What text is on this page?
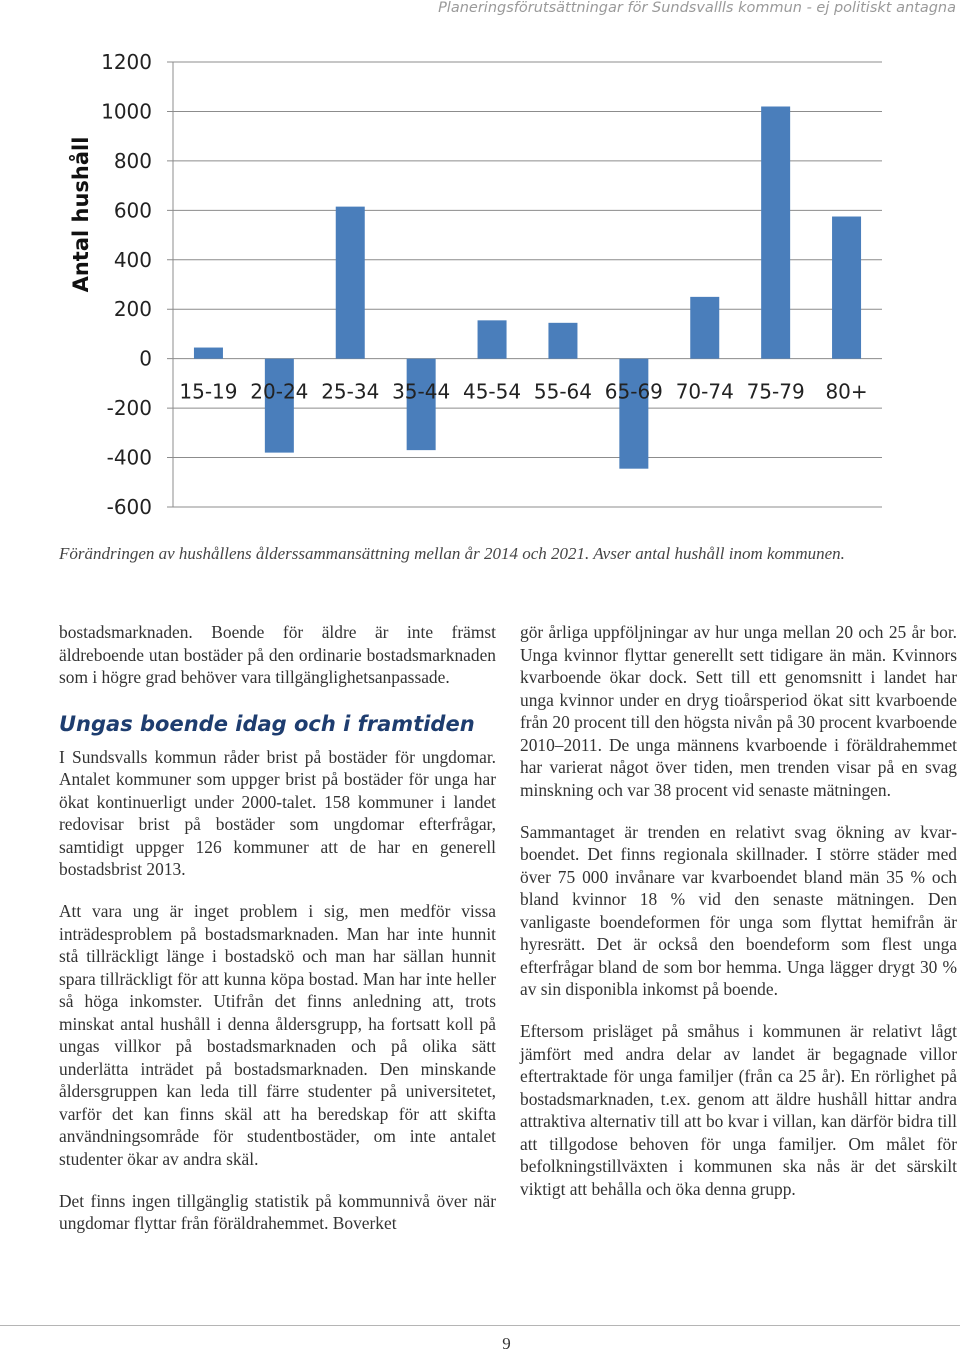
Planeringsförutsättningar för Sundsvallls kommun - ej politiskt antagna
1200
1000
800
600
400
200
0
-200
-400
-600
Antal hushåll
15-19 20-24 25-34 35-44 45-54 55-64 65-69 70-74 75-79 80+
Förändringen av hushållens ålderssammansättning mellan år 2014 och 2021. Avser antal hushåll inom kommunen.

bostadsmarknaden. Boende för äldre är inte främst äldreboende utan bostäder på den ordinarie bostadsmarknaden som i högre grad behöver vara tillgänglighetsanpassade.

Ungas boende idag och i framtiden

I Sundsvalls kommun råder brist på bostäder för ungdomar. Antalet kommuner som uppger brist på bostäder för unga har ökat kontinuerligt under 2000-talet. 158 kommuner i landet redovisar brist på bostäder som ungdomar efterfrågar, samtidigt uppger 126 kommuner att de har en generell bostadsbrist 2013.

Att vara ung är inget problem i sig, men medför vissa inträdesproblem på bostadsmarknaden. Man har inte hunnit stå tillräckligt länge i bostadskö och man har sällan hunnit spara tillräckligt för att kunna köpa bostad. Man har inte heller så höga inkomster. Utifrån det finns anledning att, trots minskat antal hushåll i denna åldersgrupp, ha fortsatt koll på ungas villkor på bostadsmarknaden och på olika sätt underlätta inträdet på bostadsmarknaden. Den minskande åldersgruppen kan leda till färre studenter på universitetet, varför det kan finns skäl att ha beredskap för att skifta användningsområde för studentbostäder, om inte antalet studenter ökar av andra skäl.

Det finns ingen tillgänglig statistik på kommunnivå över när ungdomar flyttar från föräldrahemmet. Boverket

gör årliga uppföljningar av hur unga mellan 20 och 25 år bor. Unga kvinnor flyttar generellt sett tidigare än män. Kvinnors kvarboende ökar dock. Sett till ett genomsnitt i landet har unga kvinnor under en dryg tioårsperiod ökat sitt kvarboende från 20 procent till den högsta nivån på 30 procent kvarboende 2010–2011. De unga männens kvarboende i föräldrahemmet har varierat något över tiden, men trenden visar på en svag minskning och var 38 procent vid senaste mätningen.

Sammantaget är trenden en relativt svag ökning av kvarboendet. Det finns regionala skillnader. I större städer med över 75 000 invånare var kvarboendet bland män 35 % och bland kvinnor 18 % vid den senaste mätningen. Den vanligaste boendeformen för unga som flyttat hemifrån är hyresrätt. Det är också den boendeform som flest unga efterfrågar bland de som bor hemma. Unga lägger drygt 30 % av sin disponibla inkomst på boende.

Eftersom prisläget på småhus i kommunen är relativt lågt jämfört med andra delar av landet är begagnade villor eftertraktade för unga familjer (från ca 25 år). En rörlighet på bostadsmarknaden, t.ex. genom att äldre hushåll hittar andra attraktiva alternativ till att bo kvar i villan, kan därför bidra till att tillgodose behoven för unga familjer. Om målet för befolkningstillväxten i kommunen ska nås är det särskilt viktigt att behålla och öka denna grupp.

9
